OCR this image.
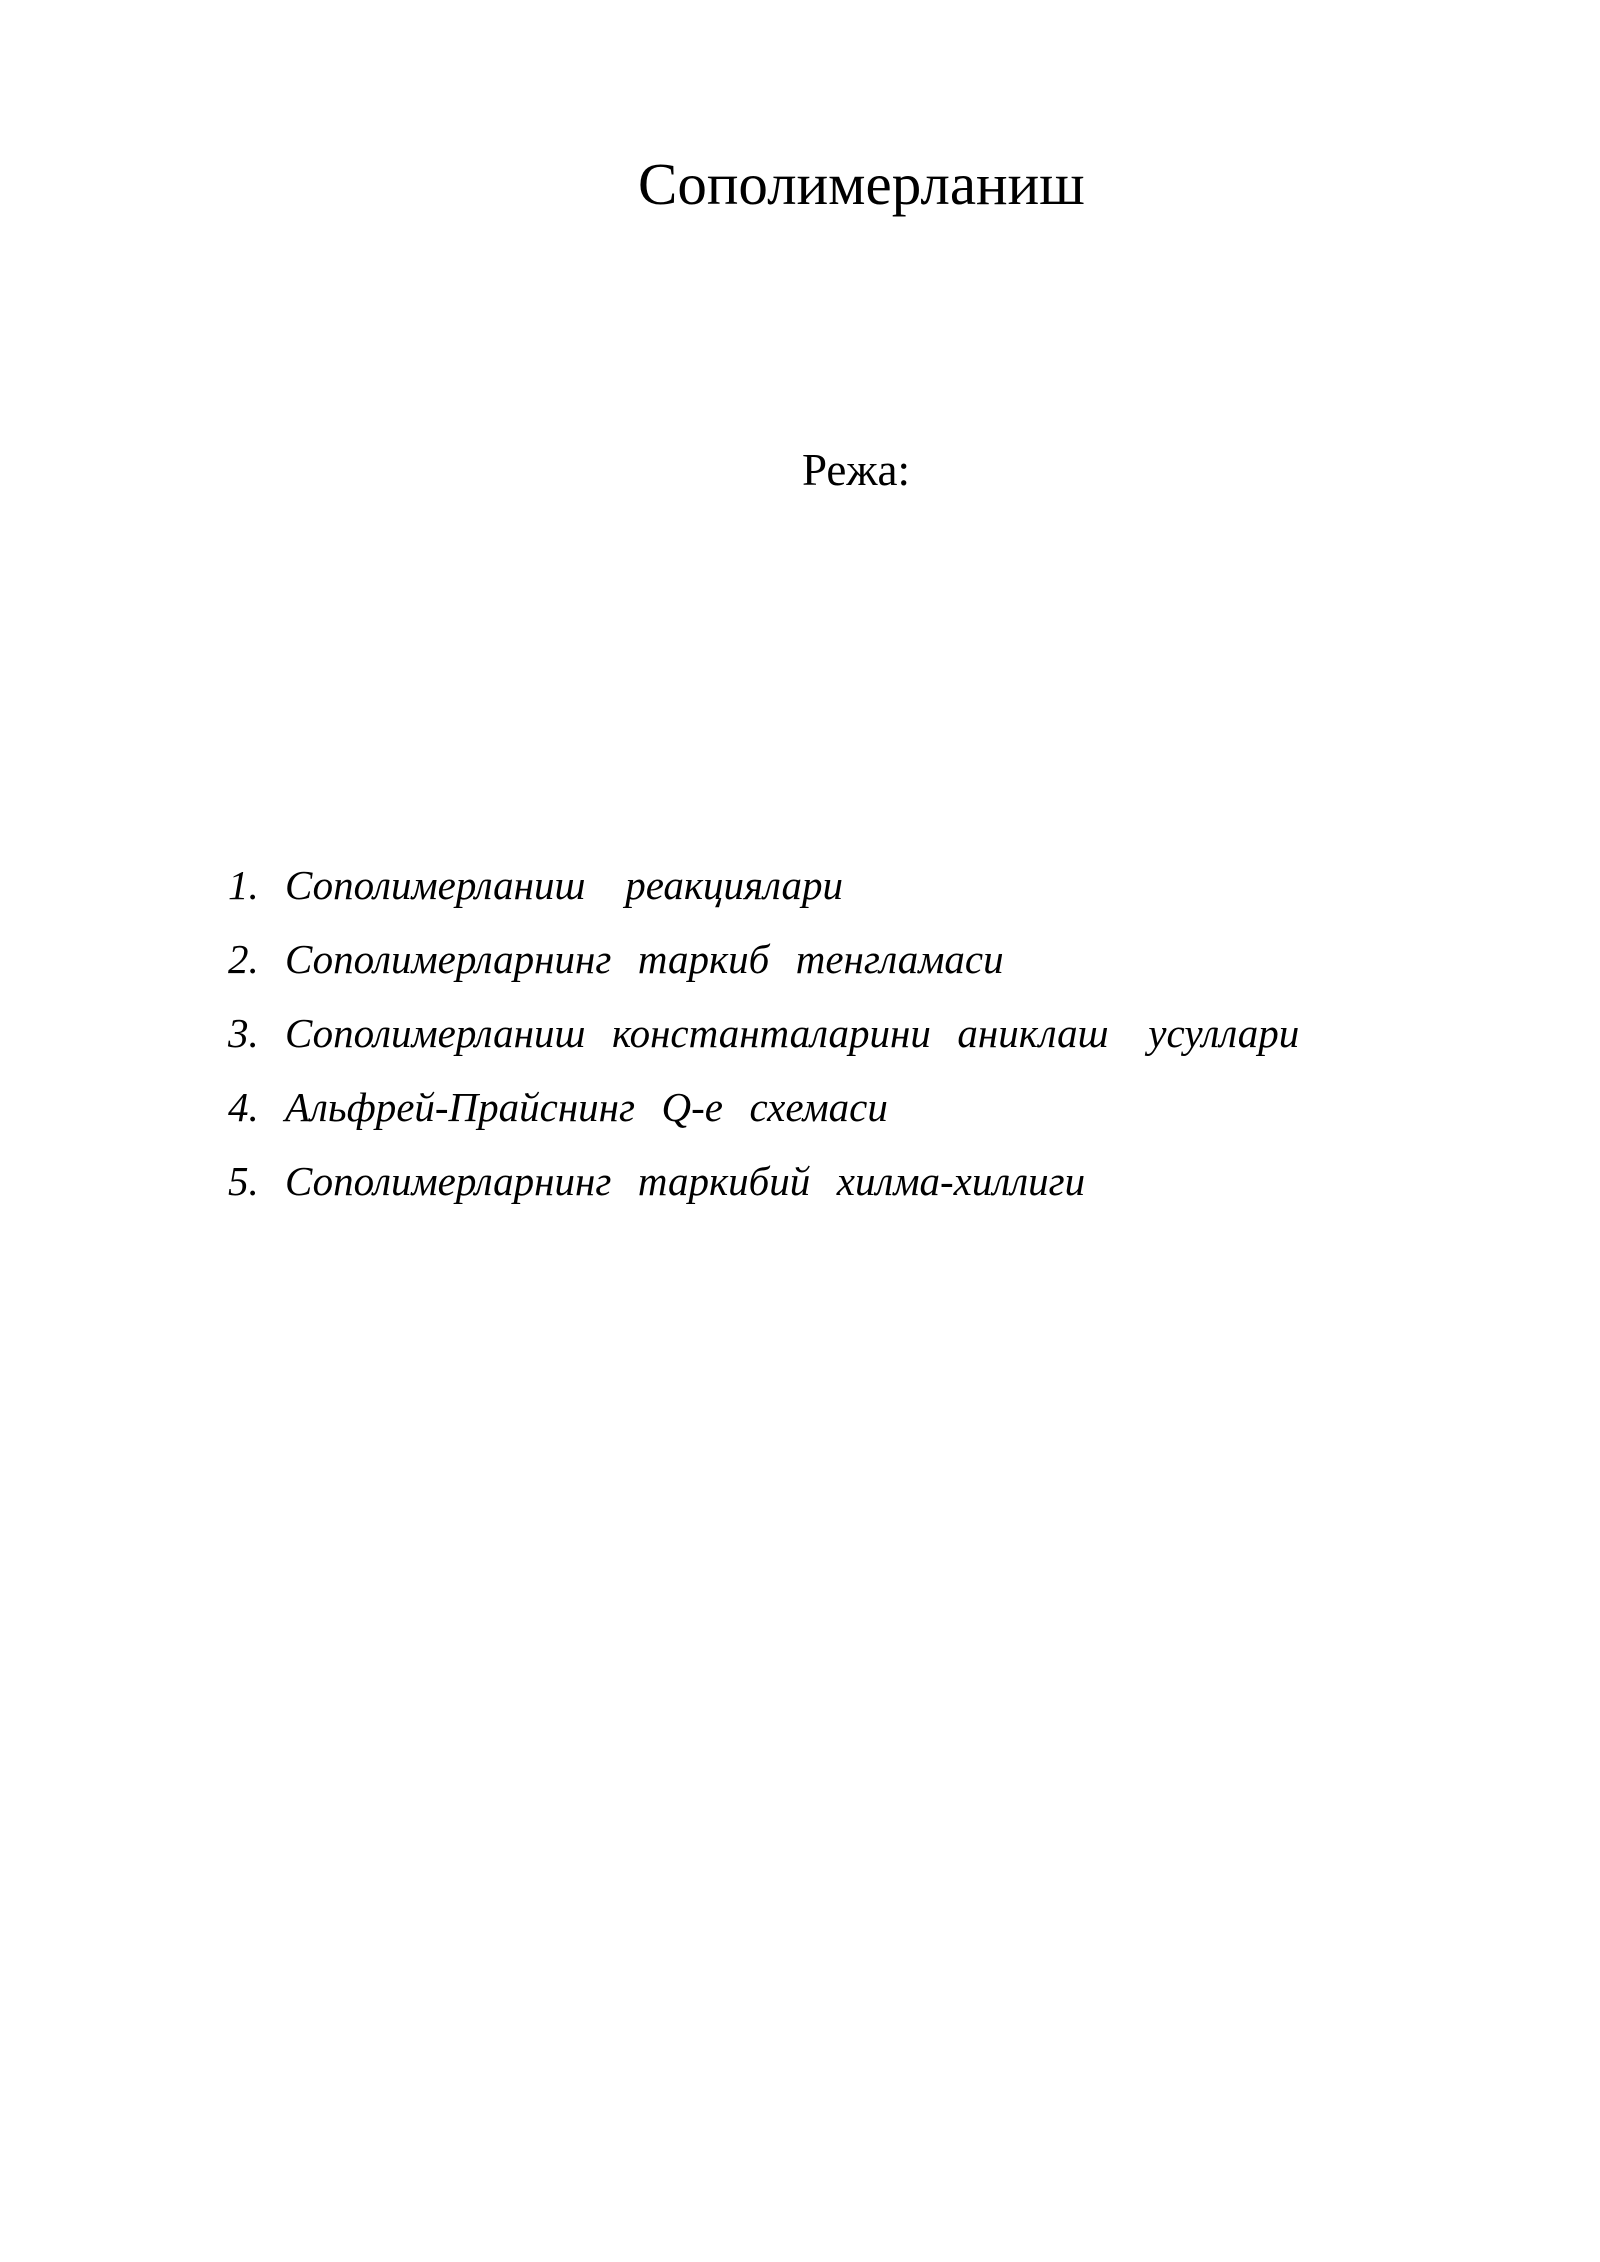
Сополимерланиш
Режа:
1. Сополимерланиш   реакциялари
2. Сополимерларнинг  таркиб  тенгламаси
3. Сополимерланиш  константаларини  аниклаш   усуллари
4. Альфрей-Прайснинг  Q-e  схемаси
5. Сополимерларнинг  таркибий  хилма-хиллиги
